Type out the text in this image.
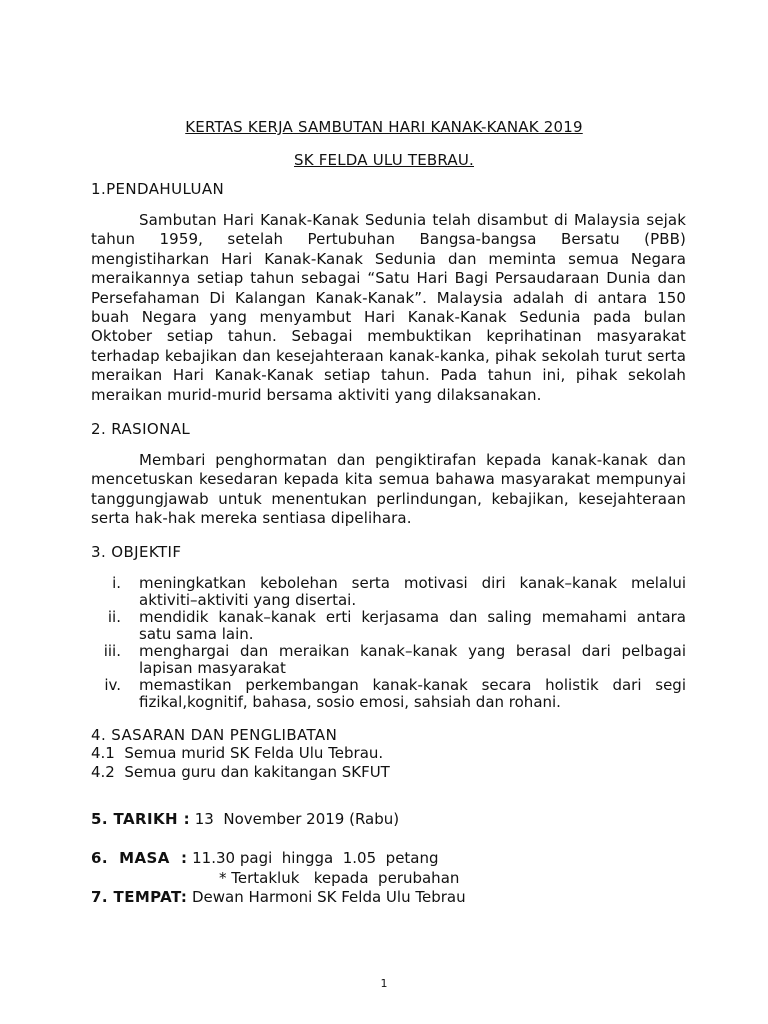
KERTAS KERJA SAMBUTAN HARI KANAK-KANAK 2019
SK FELDA ULU TEBRAU.
1.PENDAHULUAN
Sambutan Hari Kanak-Kanak Sedunia telah disambut di Malaysia sejak tahun 1959, setelah Pertubuhan Bangsa-bangsa Bersatu (PBB) mengistiharkan Hari Kanak-Kanak Sedunia dan meminta semua Negara meraikannya setiap tahun sebagai “Satu Hari Bagi Persaudaraan Dunia dan Persefahaman Di Kalangan Kanak-Kanak”. Malaysia adalah di antara 150 buah Negara yang menyambut Hari Kanak-Kanak Sedunia pada bulan Oktober setiap tahun. Sebagai membuktikan keprihatinan masyarakat terhadap kebajikan dan kesejahteraan kanak-kanka, pihak sekolah turut serta meraikan Hari Kanak-Kanak setiap tahun. Pada tahun ini, pihak sekolah meraikan murid-murid bersama aktiviti yang dilaksanakan.
2. RASIONAL
Membari penghormatan dan pengiktirafan kepada kanak-kanak dan mencetuskan kesedaran kepada kita semua bahawa masyarakat mempunyai tanggungjawab untuk menentukan perlindungan, kebajikan, kesejahteraan serta hak-hak mereka sentiasa dipelihara.
3. OBJEKTIF
i. meningkatkan kebolehan serta motivasi diri kanak–kanak melalui aktiviti–aktiviti yang disertai.
ii. mendidik kanak–kanak erti kerjasama dan saling memahami antara satu sama lain.
iii. menghargai dan meraikan kanak–kanak yang berasal dari pelbagai lapisan masyarakat
iv. memastikan perkembangan kanak-kanak secara holistik dari segi fizikal,kognitif, bahasa, sosio emosi, sahsiah dan rohani.
4. SASARAN DAN PENGLIBATAN
4.1  Semua murid SK Felda Ulu Tebrau.
4.2  Semua guru dan kakitangan SKFUT
5. TARIKH : 13  November 2019 (Rabu)
6.  MASA  : 11.30 pagi  hingga  1.05  petang
* Tertakluk   kepada  perubahan
7. TEMPAT: Dewan Harmoni SK Felda Ulu Tebrau
1
